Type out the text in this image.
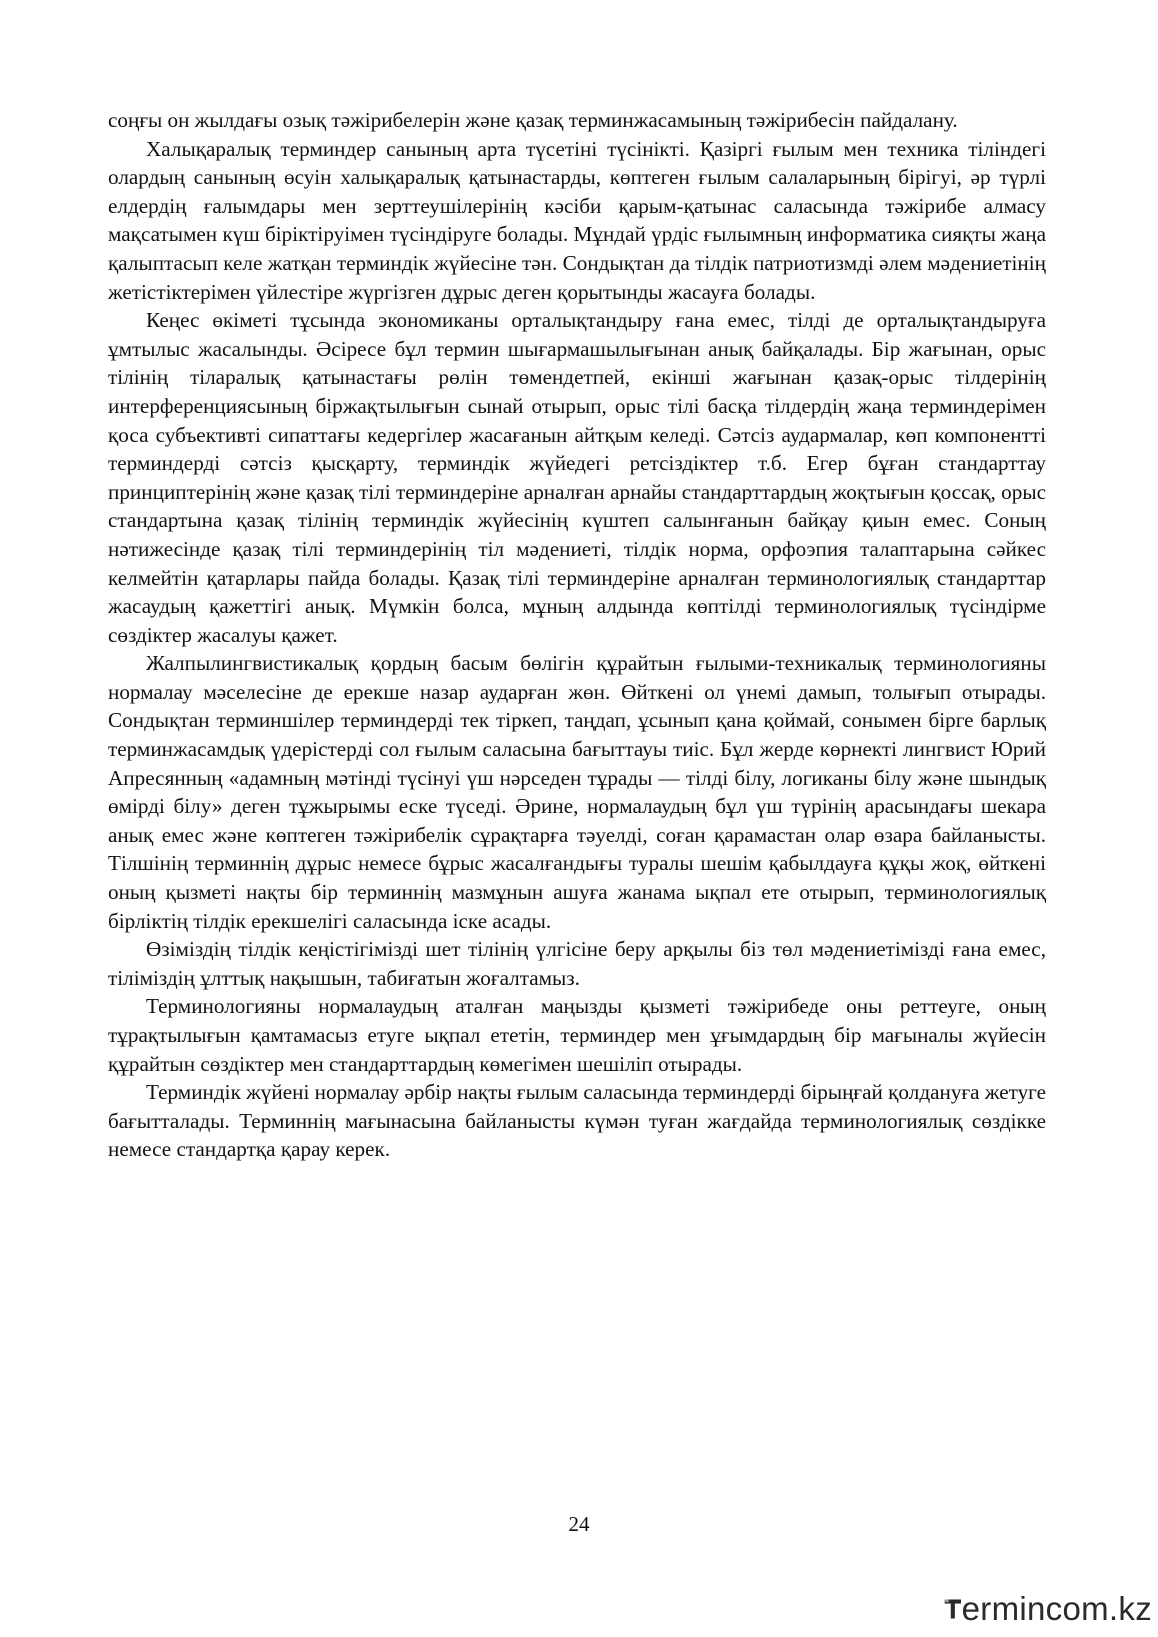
соңғы он жылдағы озық тәжірибелерін және қазақ терминжасамының тәжірибесін пайдалану.

Халықаралық терминдер санының арта түсетіні түсінікті. Қазіргі ғылым мен техника тіліндегі олардың санының өсуін халықаралық қатынастарды, көптеген ғылым салаларының бірігуі, әр түрлі елдердің ғалымдары мен зерттеушілерінің кәсіби қарым-қатынас саласында тәжірибе алмасу мақсатымен күш біріктіруімен түсіндіруге болады. Мұндай үрдіс ғылымның информатика сияқты жаңа қалыптасып келе жатқан терминдік жүйесіне тән. Сондықтан да тілдік патриотизмді әлем мәдениетінің жетістіктерімен үйлестіре жүргізген дұрыс деген қорытынды жасауға болады.

Кеңес өкіметі тұсында экономиканы орталықтандыру ғана емес, тілді де орталықтандыруға ұмтылыс жасалынды. Әсіресе бұл термин шығармашылығынан анық байқалады. Бір жағынан, орыс тілінің тіларалық қатынастағы рөлін төмендетпей, екінші жағынан қазақ-орыс тілдерінің интерференциясының біржақтылығын сынай отырып, орыс тілі басқа тілдердің жаңа терминдерімен қоса субъективті сипаттағы кедергілер жасағанын айтқым келеді. Сәтсіз аудармалар, көп компонентті терминдерді сәтсіз қысқарту, терминдік жүйедегі ретсіздіктер т.б. Егер бұған стандарттау принциптерінің және қазақ тілі терминдеріне арналған арнайы стандарттардың жоқтығын қоссақ, орыс стандартына қазақ тілінің терминдік жүйесінің күштеп салынғанын байқау қиын емес. Соның нәтижесінде қазақ тілі терминдерінің тіл мәдениеті, тілдік норма, орфоэпия талаптарына сәйкес келмейтін қатарлары пайда болады. Қазақ тілі терминдеріне арналған терминологиялық стандарттар жасаудың қажеттігі анық. Мүмкін болса, мұның алдында көптілді терминологиялық түсіндірме сөздіктер жасалуы қажет.

Жалпылингвистикалық қордың басым бөлігін құрайтын ғылыми-техникалық терминологияны нормалау мәселесіне де ерекше назар аударған жөн. Өйткені ол үнемі дамып, толығып отырады. Сондықтан терминшілер терминдерді тек тіркеп, таңдап, ұсынып қана қоймай, сонымен бірге барлық терминжасамдық үдерістерді сол ғылым саласына бағыттауы тиіс. Бұл жерде көрнекті лингвист Юрий Апресянның «адамның мәтінді түсінуі үш нәрседен тұрады — тілді білу, логиканы білу және шындық өмірді білу» деген тұжырымы еске түседі. Әрине, нормалаудың бұл үш түрінің арасындағы шекара анық емес және көптеген тәжірибелік сұрақтарға тәуелді, соған қарамастан олар өзара байланысты. Тілшінің терминнің дұрыс немесе бұрыс жасалғандығы туралы шешім қабылдауға құқы жоқ, өйткені оның қызметі нақты бір терминнің мазмұнын ашуға жанама ықпал ете отырып, терминологиялық бірліктің тілдік ерекшелігі саласында іске асады.

Өзіміздің тілдік кеңістігімізді шет тілінің үлгісіне беру арқылы біз төл мәдениетімізді ғана емес, тіліміздің ұлттық нақышын, табиғатын жоғалтамыз.

Терминологияны нормалаудың аталған маңызды қызметі тәжірибеде оны реттеуге, оның тұрақтылығын қамтамасыз етуге ықпал ететін, терминдер мен ұғымдардың бір мағыналы жүйесін құрайтын сөздіктер мен стандарттардың көмегімен шешіліп отырады.

Терминдік жүйені нормалау әрбір нақты ғылым саласында терминдерді бірыңғай қолдануға жетуге бағытталады. Терминнің мағынасына байланысты күмән туған жағдайда терминологиялық сөздікке немесе стандартқа қарау керек.

24
ermincom .kz
